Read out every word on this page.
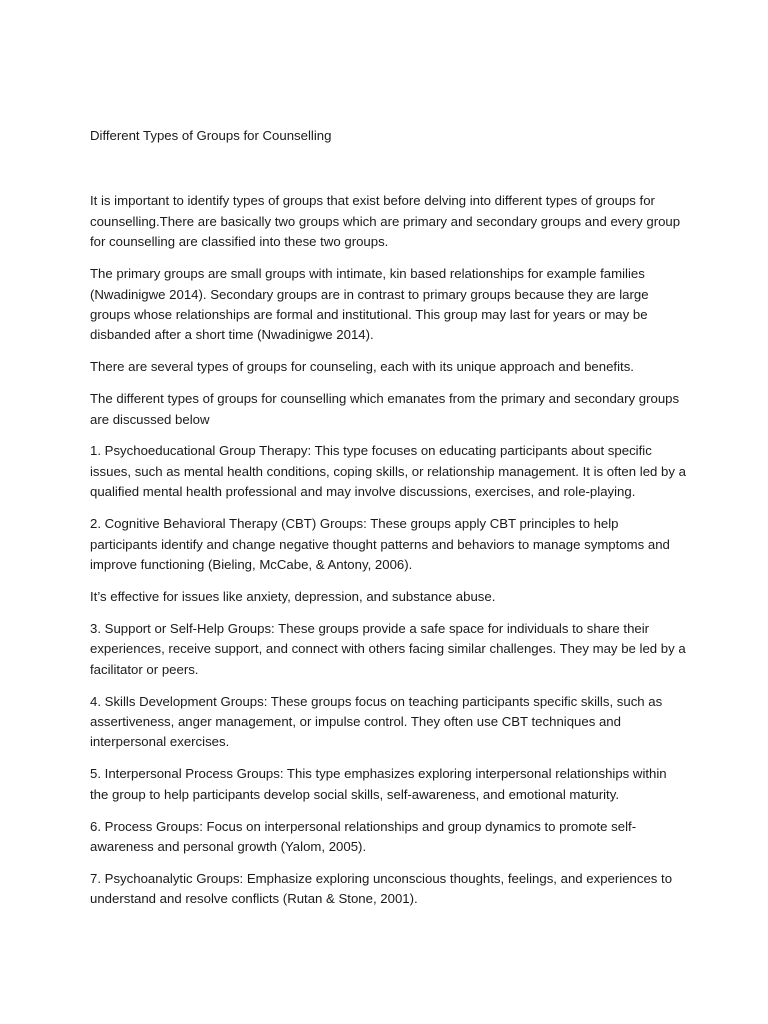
Different Types of Groups for Counselling

It is important to identify types of groups that exist before delving into different types of groups for counselling.There are basically two groups which are primary and secondary groups and every group for counselling are classified into these two groups.

The primary groups are small groups with intimate, kin based relationships for example families (Nwadinigwe 2014). Secondary groups are in contrast to primary groups because they are large groups whose relationships are formal and institutional. This group may last for years or may be disbanded after a short time (Nwadinigwe 2014).

There are several types of groups for counseling, each with its unique approach and benefits.

The different types of groups for counselling which emanates from the primary and secondary groups are discussed below

1. Psychoeducational Group Therapy: This type focuses on educating participants about specific issues, such as mental health conditions, coping skills, or relationship management. It is often led by a qualified mental health professional and may involve discussions, exercises, and role-playing.

2. Cognitive Behavioral Therapy (CBT) Groups: These groups apply CBT principles to help participants identify and change negative thought patterns and behaviors to manage symptoms and improve functioning (Bieling, McCabe, & Antony, 2006).

It’s effective for issues like anxiety, depression, and substance abuse.

3. Support or Self-Help Groups: These groups provide a safe space for individuals to share their experiences, receive support, and connect with others facing similar challenges. They may be led by a facilitator or peers.

4. Skills Development Groups: These groups focus on teaching participants specific skills, such as assertiveness, anger management, or impulse control. They often use CBT techniques and interpersonal exercises.

5. Interpersonal Process Groups: This type emphasizes exploring interpersonal relationships within the group to help participants develop social skills, self-awareness, and emotional maturity.

6. Process Groups: Focus on interpersonal relationships and group dynamics to promote self-awareness and personal growth (Yalom, 2005).

7. Psychoanalytic Groups: Emphasize exploring unconscious thoughts, feelings, and experiences to understand and resolve conflicts (Rutan & Stone, 2001).
